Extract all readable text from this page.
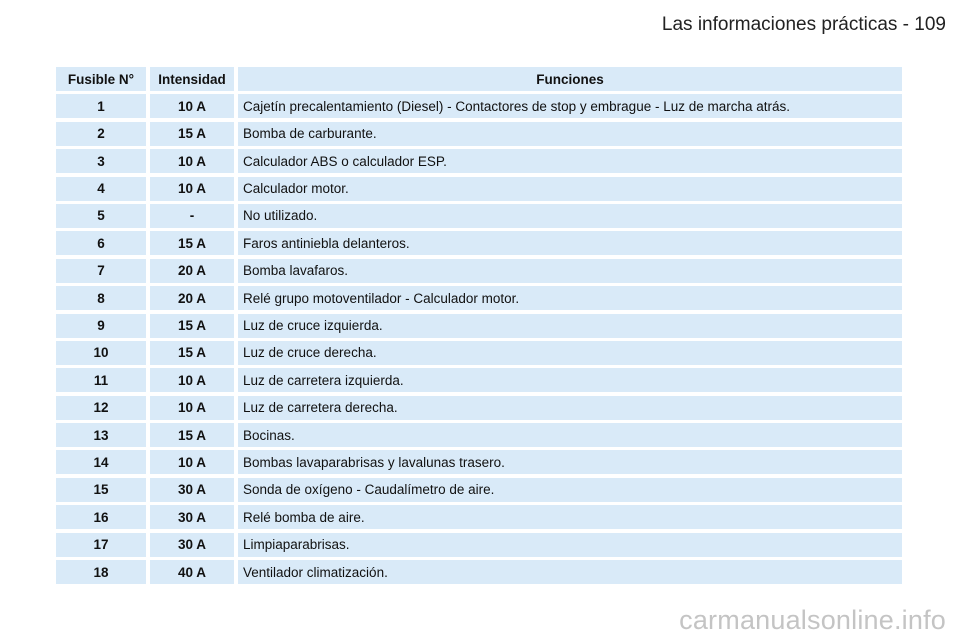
Las informaciones prácticas - 109
Fusible N°	Intensidad	Funciones
1	10 A	Cajetín precalentamiento (Diesel) - Contactores de stop y embrague - Luz de marcha atrás.
2	15 A	Bomba de carburante.
3	10 A	Calculador ABS o calculador ESP.
4	10 A	Calculador motor.
5	-	No utilizado.
6	15 A	Faros antiniebla delanteros.
7	20 A	Bomba lavafaros.
8	20 A	Relé grupo motoventilador - Calculador motor.
9	15 A	Luz de cruce izquierda.
10	15 A	Luz de cruce derecha.
11	10 A	Luz de carretera izquierda.
12	10 A	Luz de carretera derecha.
13	15 A	Bocinas.
14	10 A	Bombas lavaparabrisas y lavalunas trasero.
15	30 A	Sonda de oxígeno - Caudalímetro de aire.
16	30 A	Relé bomba de aire.
17	30 A	Limpiaparabrisas.
18	40 A	Ventilador climatización.
carmanualsonline.info
